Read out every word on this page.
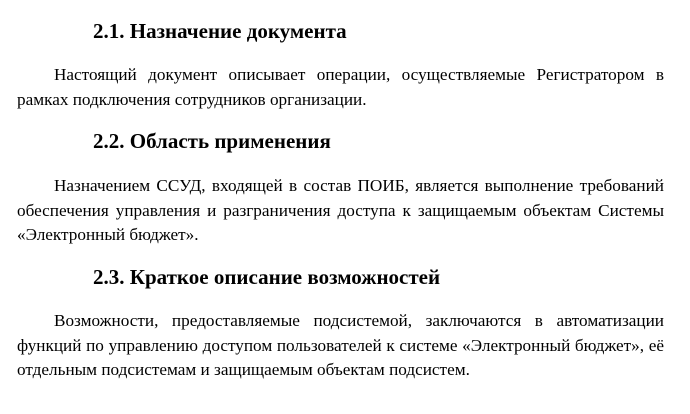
2.1. Назначение документа

Настоящий документ описывает операции, осуществляемые Регистратором в рамках подключения сотрудников организации.

2.2. Область применения

Назначением ССУД, входящей в состав ПОИБ, является выполнение требований обеспечения управления и разграничения доступа к защищаемым объектам Системы «Электронный бюджет».

2.3. Краткое описание возможностей

Возможности, предоставляемые подсистемой, заключаются в автоматизации функций по управлению доступом пользователей к системе «Электронный бюджет», её отдельным подсистемам и защищаемым объектам подсистем.
